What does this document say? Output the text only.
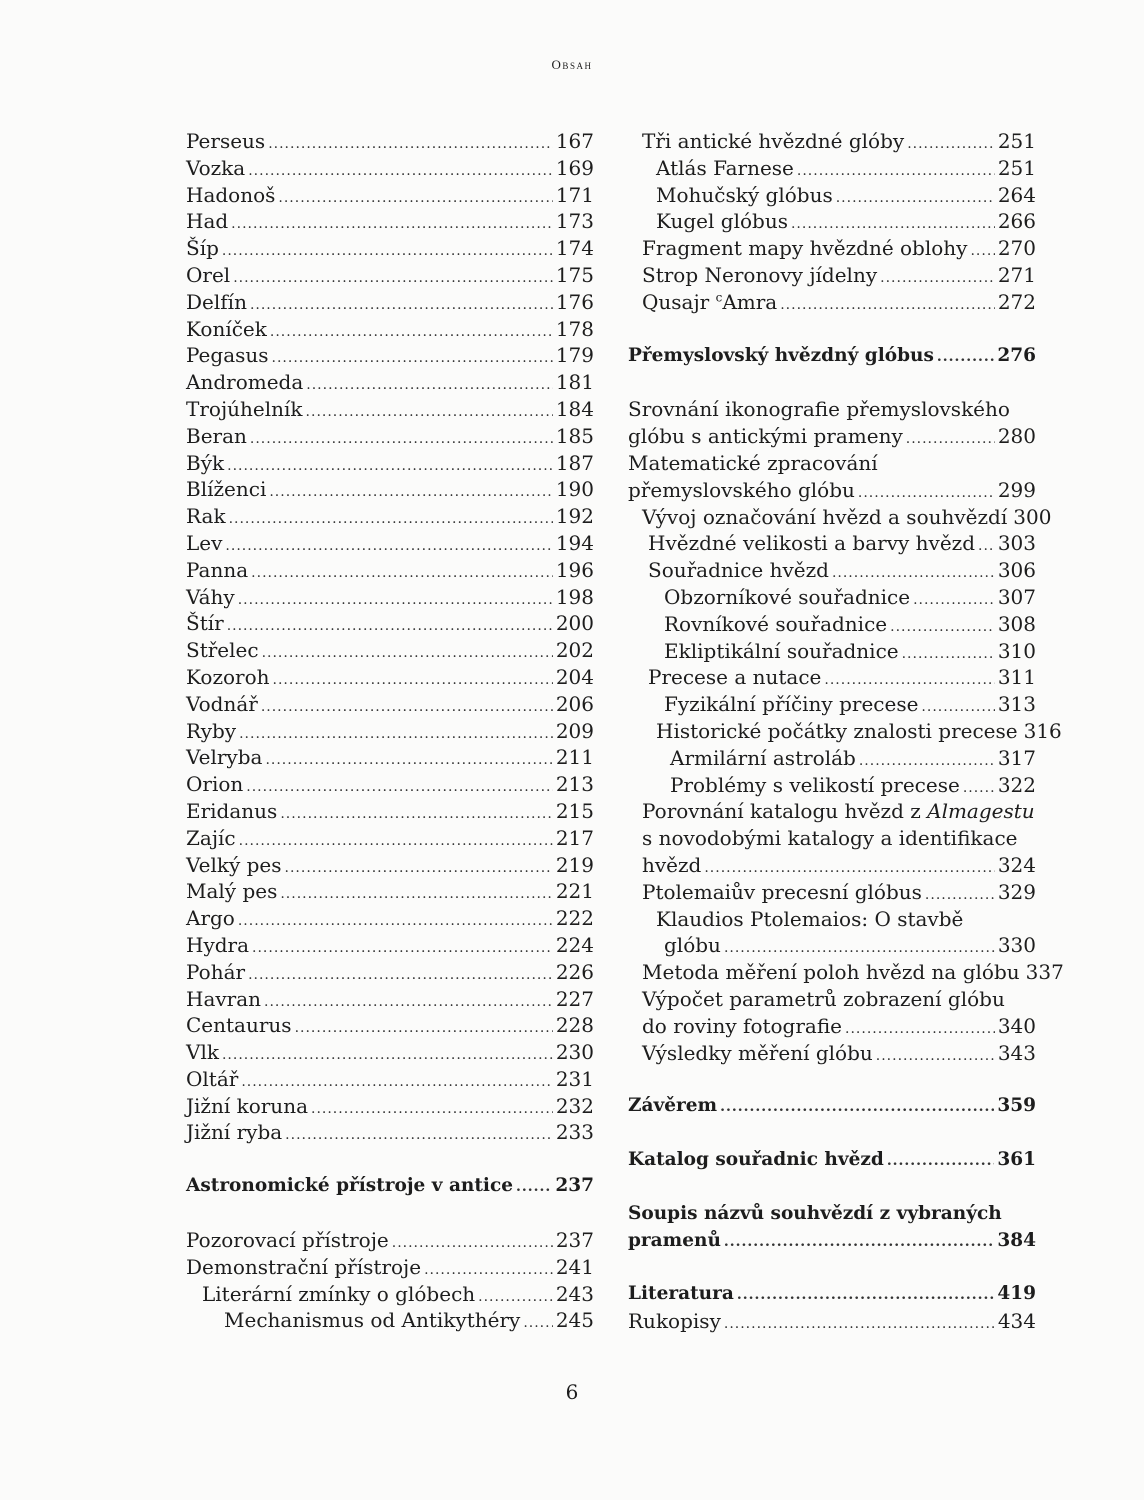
Obsah
Perseus .....	167
Vozka .....	169
Hadonoš .....	171
Had .....	173
Šíp .....	174
Orel .....	175
Delfín .....	176
Koníček .....	178
Pegasus .....	179
Andromeda .....	181
Trojúhelník .....	184
Beran .....	185
Býk .....	187
Blíženci .....	190
Rak .....	192
Lev .....	194
Panna .....	196
Váhy .....	198
Štír .....	200
Střelec .....	202
Kozoroh .....	204
Vodnář .....	206
Ryby .....	209
Velryba .....	211
Orion .....	213
Eridanus .....	215
Zajíc .....	217
Velký pes .....	219
Malý pes .....	221
Argo .....	222
Hydra .....	224
Pohár .....	226
Havran .....	227
Centaurus .....	228
Vlk .....	230
Oltář .....	231
Jižní koruna .....	232
Jižní ryba .....	233
Astronomické přístroje v antice ..... 237
Pozorovací přístroje .....	237
Demonstrační přístroje .....	241
Literární zmínky o glóbech .....	243
Mechanismus od Antikythéry ..... 245
Tři antické hvězdné glóby .....	251
Atlás Farnese .....	251
Mohučský glóbus .....	264
Kugel glóbus .....	266
Fragment mapy hvězdné oblohy ..... 270
Strop Neronovy jídelny .....	271
Qusajr $^c$Amra .....	272
Přemyslovský hvězdný glóbus .....	276
Srovnání ikonografie přemyslovského
glóbu s antickými prameny .....	280
Matematické zpracování
přemyslovského glóbu .....	299
Vývoj označování hvězd a souhvězdí 300
Hvězdné velikosti a barvy hvězd ..... 303
Souřadnice hvězd .....	306
Obzorníkové souřadnice .....	307
Rovníkové souřadnice .....	308
Ekliptikální souřadnice .....	310
Precese a nutace .....	311
Fyzikální příčiny precese .....	313
Historické počátky znalosti precese 316
Armilární astroláb .....	317
Problémy s velikostí precese ..... 322
Porovnání katalogu hvězd z Almagestu
s novodobými katalogy a identifikace
hvězd .....	324
Ptolemaiův precesní glóbus .....	329
Klaudios Ptolemaios: O stavbě
glóbu .....	330
Metoda měření poloh hvězd na glóbu 337
Výpočet parametrů zobrazení glóbu
do roviny fotografie .....	340
Výsledky měření glóbu .....	343
Závěrem .....	359
Katalog souřadnic hvězd .....	361
Soupis názvů souhvězdí z vybraných
pramenů .....	384
Literatura .....	419
Rukopisy .....	434
6
